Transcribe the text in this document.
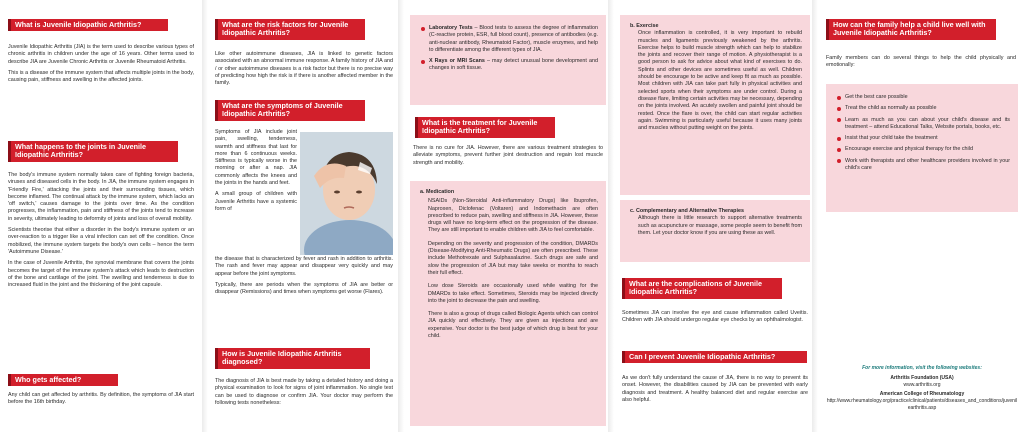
What is Juvenile Idiopathic Arthritis?

Juvenile Idiopathic Arthritis (JIA) is the term used to describe various types of chronic arthritis in children under the age of 16 years. Other terms used to describe JIA are Juvenile Chronic Arthritis or Juvenile Rheumatoid Arthritis.

This is a disease of the immune system that affects multiple joints in the body, causing pain, stiffness and swelling in the affected joints.

What happens to the joints in Juvenile Idiopathic Arthritis?

The body's immune system normally takes care of fighting foreign bacteria, viruses and diseased cells in the body. In JIA, the immune system engages in 'Friendly Fire,' attacking the joints and their surrounding tissues, which become inflamed. The continual attack by the immune system, which lacks an 'off switch,' causes damage to the joints over time. As the condition progresses, the inflammation, pain and stiffness of the joints tend to increase in severity, ultimately leading to deformity of joints and loss of overall mobility.

Scientists theorise that either a disorder in the body's immune system or an over-reaction to a trigger like a viral infection can set off the condition. Once mobilized, the immune system targets the body's own cells – hence the term 'Autoimmune Disease.'

In the case of Juvenile Arthritis, the synovial membrane that covers the joints becomes the target of the immune system's attack which leads to destruction of the bone and cartilage of the joint. The swelling and tenderness is due to increased fluid in the joint and the thickening of the joint capsule.

Who gets affected?

Any child can get affected by arthritis. By definition, the symptoms of JIA start before the 16th birthday.

What are the risk factors for Juvenile Idiopathic Arthritis?

Like other autoimmune diseases, JIA is linked to genetic factors associated with an abnormal immune response. A family history of JIA and / or other autoimmune diseases is a risk factor but there is no precise way of predicting how high the risk is if there is another affected member in the family.

What are the symptoms of Juvenile Idiopathic Arthritis?

Symptoms of JIA include joint pain, swelling, tenderness, warmth and stiffness that last for more than 6 continuous weeks. Stiffness is typically worse in the morning or after a nap. JIA commonly affects the knees and the joints in the hands and feet.

A small group of children with Juvenile Arthritis have a systemic form of

the disease that is characterized by fever and rash in addition to arthritis. The rash and fever may appear and disappear very quickly and may appear before the joint symptoms.

Typically, there are periods when the symptoms of JIA are better or disappear (Remissions) and times when symptoms get worse (Flares).

How is Juvenile Idiopathic Arthritis diagnosed?

The diagnosis of JIA is best made by taking a detailed history and doing a physical examination to look for signs of joint inflammation. No single test can be used to diagnose or confirm JIA. Your doctor may perform the following tests nonetheless:

Laboratory Tests – Blood tests to assess the degree of inflammation (C-reactive protein, ESR, full blood count), presence of antibodies (e.g. anti-nuclear antibody, Rheumatoid Factor), muscle enzymes, and help to differentiate among the different types of JIA.
X Rays or MRI Scans – may detect unusual bone development and changes in soft tissue.
What is the treatment for Juvenile Idiopathic Arthritis?

There is no cure for JIA. However, there are various treatment strategies to alleviate symptoms, prevent further joint destruction and regain lost muscle strength and mobility.

a. Medication

NSAIDs (Non-Steroidal Anti-inflammatory Drugs) like Ibuprofen, Naproxen, Diclofenac (Voltaren) and Indomethacin are often prescribed to reduce pain, swelling and stiffness in JIA. However, these drugs will have no long-term effect on the progression of the disease. They are still important to enable children with JIA to feel comfortable.

Depending on the severity and progression of the condition, DMARDs (Disease-Modifying Anti-Rheumatic Drugs) are often prescribed. These include Methotrexate and Sulphasalazine. Such drugs are safe and slow the progression of JIA but may take weeks or months to reach their full effect.

Low dose Steroids are occasionally used while waiting for the DMARDs to take effect. Sometimes, Steroids may be injected directly into the joint to decrease the pain and swelling.

There is also a group of drugs called Biologic Agents which can control JIA quickly and effectively. They are given as injections and are expensive. Your doctor is the best judge of which drug is best for your child.

b. Exercise

Once inflammation is controlled, it is very important to rebuild muscles and ligaments previously weakened by the arthritis. Exercise helps to build muscle strength which can help to stabilize the joints and recover their range of motion. A physiotherapist is a good person to ask for advice about what kind of exercises to do. Splints and other devices are sometimes useful as well. Children should be encourage to be active and keep fit as much as possible. Most children with JIA can take part fully in physical activities and selected sports when their symptoms are under control. During a disease flare, limiting certain activities may be necessary, depending on the joints involved. An acutely swollen and painful joint should be rested. Once the flare is over, the child can start regular activities again. Swimming is particularly useful because it uses many joints and muscles without putting weight on the joints.

c. Complementary and Alternative Therapies

Although there is little research to support alternative treatments such as acupuncture or massage, some people seem to benefit from them. Let your doctor know if you are using these as well.

What are the complications of Juvenile Idiopathic Arthritis?

Sometimes JIA can involve the eye and cause inflammation called Uveitis. Children with JIA should undergo regular eye checks by an ophthalmologist.

Can I prevent Juvenile Idiopathic Arthritis?

As we don't fully understand the cause of JIA, there is no way to prevent its onset. However, the disabilities caused by JIA can be prevented with early diagnosis and treatment. A healthy balanced diet and regular exercise are also helpful.

How can the family help a child live well with Juvenile Idiopathic Arthritis?

Family members can do several things to help the child physically and emotionally:

Get the best care possible
Treat the child as normally as possible
Learn as much as you can about your child's disease and its treatment – attend Educational Talks, Website portals, books, etc.
Insist that your child take the treatment
Encourage exercise and physical therapy for the child
Work with therapists and other healthcare providers involved in your child's care
For more information, visit the following websites:
Arthritis Foundation (USA)
www.arthritis.org
American College of Rheumatology
http://www.rheumatology.org/practice/clinical/patients/diseases_and_conditions/juvenilearthritis.asp
